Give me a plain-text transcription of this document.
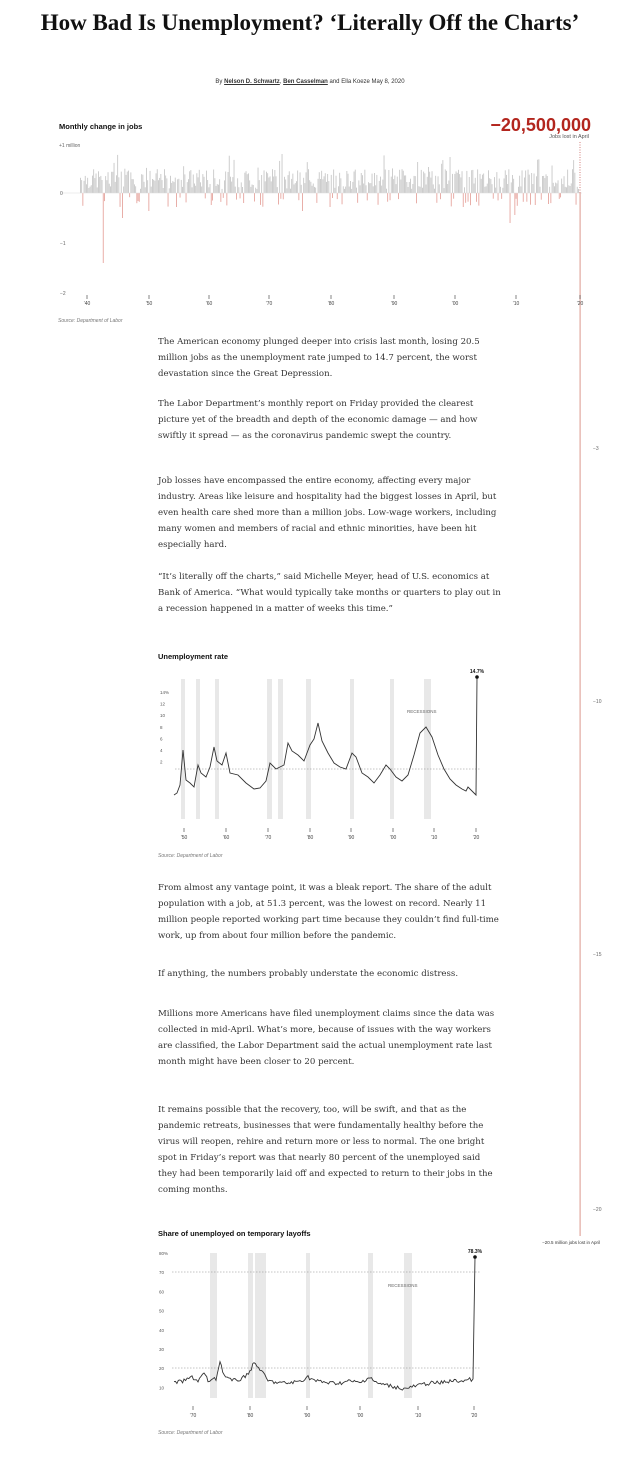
How Bad Is Unemployment? ‘Literally Off the Charts’
By Nelson D. Schwartz, Ben Casselman and Ella Koeze May 8, 2020
Monthly change in jobs	−20,500,000
Jobs lost in April
+1 million
0
−1
−2
−3
−10
−15
−20
−20.5 million jobs lost in April
’40	’50	’60	’70	’80	’90	’00	’10	’20
Source: Department of Labor

The American economy plunged deeper into crisis last month, losing 20.5 million jobs as the unemployment rate jumped to 14.7 percent, the worst devastation since the Great Depression.

The Labor Department’s monthly report on Friday provided the clearest picture yet of the breadth and depth of the economic damage — and how swiftly it spread — as the coronavirus pandemic swept the country.

Job losses have encompassed the entire economy, affecting every major industry. Areas like leisure and hospitality had the biggest losses in April, but even health care shed more than a million jobs. Low-wage workers, including many women and members of racial and ethnic minorities, have been hit especially hard.

“It’s literally off the charts,” said Michelle Meyer, head of U.S. economics at Bank of America. “What would typically take months or quarters to play out in a recession happened in a matter of weeks this time.”

Unemployment rate
14%
12
10
8
6
4
2
14.7%
RECESSIONS
’50	’60	’70	’80	’90	’00	’10	’20
Source: Department of Labor

From almost any vantage point, it was a bleak report. The share of the adult population with a job, at 51.3 percent, was the lowest on record. Nearly 11 million people reported working part time because they couldn’t find full-time work, up from about four million before the pandemic.

If anything, the numbers probably understate the economic distress.

Millions more Americans have filed unemployment claims since the data was collected in mid-April. What’s more, because of issues with the way workers are classified, the Labor Department said the actual unemployment rate last month might have been closer to 20 percent.

It remains possible that the recovery, too, will be swift, and that as the pandemic retreats, businesses that were fundamentally healthy before the virus will reopen, rehire and return more or less to normal. The one bright spot in Friday’s report was that nearly 80 percent of the unemployed said they had been temporarily laid off and expected to return to their jobs in the coming months.

Share of unemployed on temporary layoffs
80%
70
60
50
40
30
20
10
78.3%
RECESSIONS
’70	’80	’90	’00	’10	’20
Source: Department of Labor
